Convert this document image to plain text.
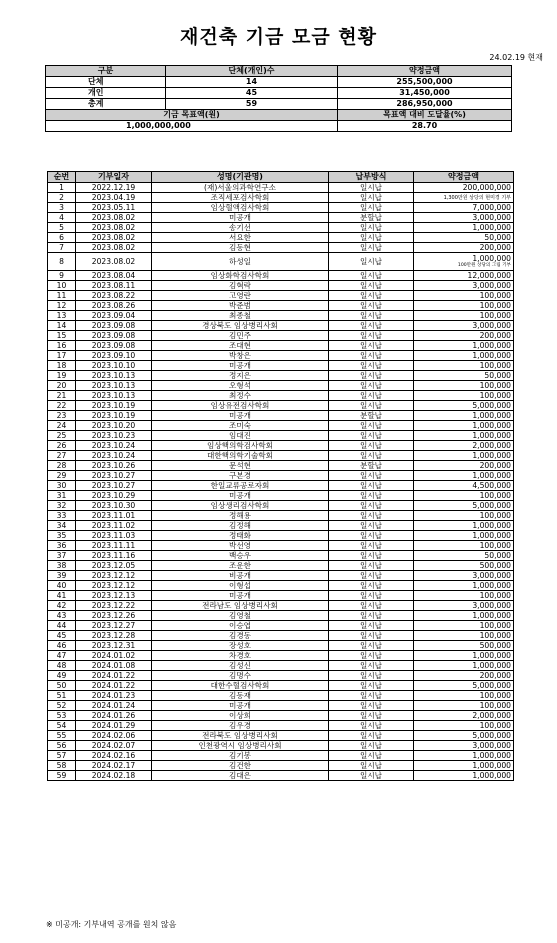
재건축 기금 모금 현황
24.02.19 현재
구분	단체(개인)수	약정금액
단체	14	255,500,000
개인	45	31,450,000
총계	59	286,950,000
기금 목표액(원)		목표액 대비 도달율(%)
1,000,000,000		28.70
순번	기부일자	성명(기관명)	납부방식	약정금액
1	2022.12.19	(재)서울의과학연구소	일시납	200,000,000
2	2023.04.19	조직세포검사학회	일시납	1,300만원 상당의 현미경 기부
3	2023.05.11	임상혈액검사학회	일시납	7,000,000
4	2023.08.02	미공개	분할납	3,000,000
5	2023.08.02	송기선	일시납	1,000,000
6	2023.08.02	서요한	일시납	50,000
7	2023.08.02	김동현	일시납	200,000
8	2023.08.02	하성일	일시납	1,000,000
100만원 상당의 그림 기부

9	2023.08.04	임상화학검사학회	일시납	12,000,000
10	2023.08.11	김혁락	일시납	3,000,000
11	2023.08.22	고영란	일시납	100,000
12	2023.08.26	박준범	일시납	100,000
13	2023.09.04	최종철	일시납	100,000
14	2023.09.08	경상북도 임상병리사회	일시납	3,000,000
15	2023.09.08	김민주	일시납	200,000
16	2023.09.08	조대현	일시납	1,000,000
17	2023.09.10	박창은	일시납	1,000,000
18	2023.10.10	미공개	일시납	100,000
19	2023.10.13	정지은	일시납	50,000
20	2023.10.13	오형석	일시납	100,000
21	2023.10.13	최정수	일시납	100,000
22	2023.10.19	임상유전검사학회	일시납	5,000,000
23	2023.10.19	미공개	분할납	1,000,000
24	2023.10.20	조미숙	일시납	1,000,000
25	2023.10.23	임대진	일시납	1,000,000
26	2023.10.24	임상핵의학검사학회	일시납	2,000,000
27	2023.10.24	대한핵의학기술학회	일시납	1,000,000
28	2023.10.26	문석현	분할납	200,000
29	2023.10.27	구본경	일시납	1,000,000
30	2023.10.27	한일교류공로자회	일시납	4,500,000
31	2023.10.29	미공개	일시납	100,000
32	2023.10.30	임상생리검사학회	일시납	5,000,000
33	2023.11.01	정해용	일시납	100,000
34	2023.11.02	김정해	일시납	1,000,000
35	2023.11.03	정태화	일시납	1,000,000
36	2023.11.11	박선영	일시납	100,000
37	2023.11.16	백승우	일시납	50,000
38	2023.12.05	조운한	일시납	500,000
39	2023.12.12	비공개	일시납	3,000,000
40	2023.12.12	이형섭	일시납	1,000,000
41	2023.12.13	미공개	일시납	100,000
42	2023.12.22	전라남도 임상병리사회	일시납	3,000,000
43	2023.12.26	김영철	일시납	1,000,000
44	2023.12.27	이승엽	일시납	100,000
45	2023.12.28	김경동	일시납	100,000
46	2023.12.31	장성호	일시납	500,000
47	2024.01.02	차경호	일시납	1,000,000
48	2024.01.08	김성신	일시납	1,000,000
49	2024.01.22	김명수	일시납	200,000
50	2024.01.22	대한수혈검사학회	일시납	5,000,000
51	2024.01.23	김동재	일시납	100,000
52	2024.01.24	미공개	일시납	100,000
53	2024.01.26	이상희	일시납	2,000,000
54	2024.01.29	김우경	일시납	100,000
55	2024.02.06	전라북도 임상병리사회	일시납	5,000,000
56	2024.02.07	인천광역시 임상병리사회	일시납	3,000,000
57	2024.02.16	김기봉	일시납	1,000,000
58	2024.02.17	김건한	일시납	1,000,000
59	2024.02.18	김대은	일시납	1,000,000
※ 미공개: 기부내역 공개를 원치 않음
